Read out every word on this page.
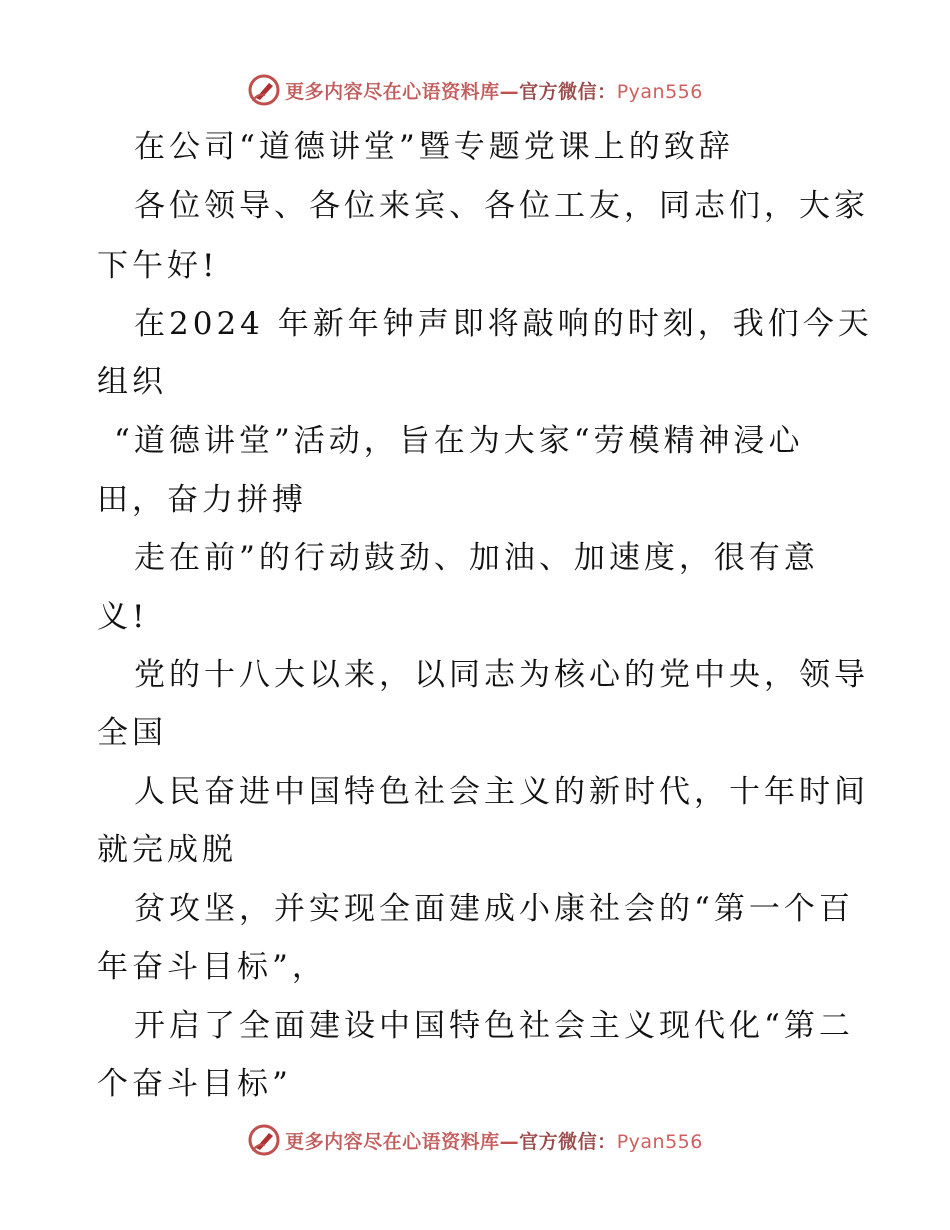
更多内容尽在心语资料库—官方微信：Pyan556
在公司“道德讲堂”暨专题党课上的致辞
各位领导、各位来宾、各位工友，同志们，大家
下午好!
在2024 年新年钟声即将敲响的时刻，我们今天
组织
“道德讲堂”活动，旨在为大家“劳模精神浸心
田，奋力拼搏
走在前”的行动鼓劲、加油、加速度，很有意
义!
党的十八大以来，以同志为核心的党中央，领导
全国
人民奋进中国特色社会主义的新时代，十年时间
就完成脱
贫攻坚，并实现全面建成小康社会的“第一个百
年奋斗目标”，
开启了全面建设中国特色社会主义现代化“第二
个奋斗目标”
更多内容尽在心语资料库—官方微信：Pyan556
